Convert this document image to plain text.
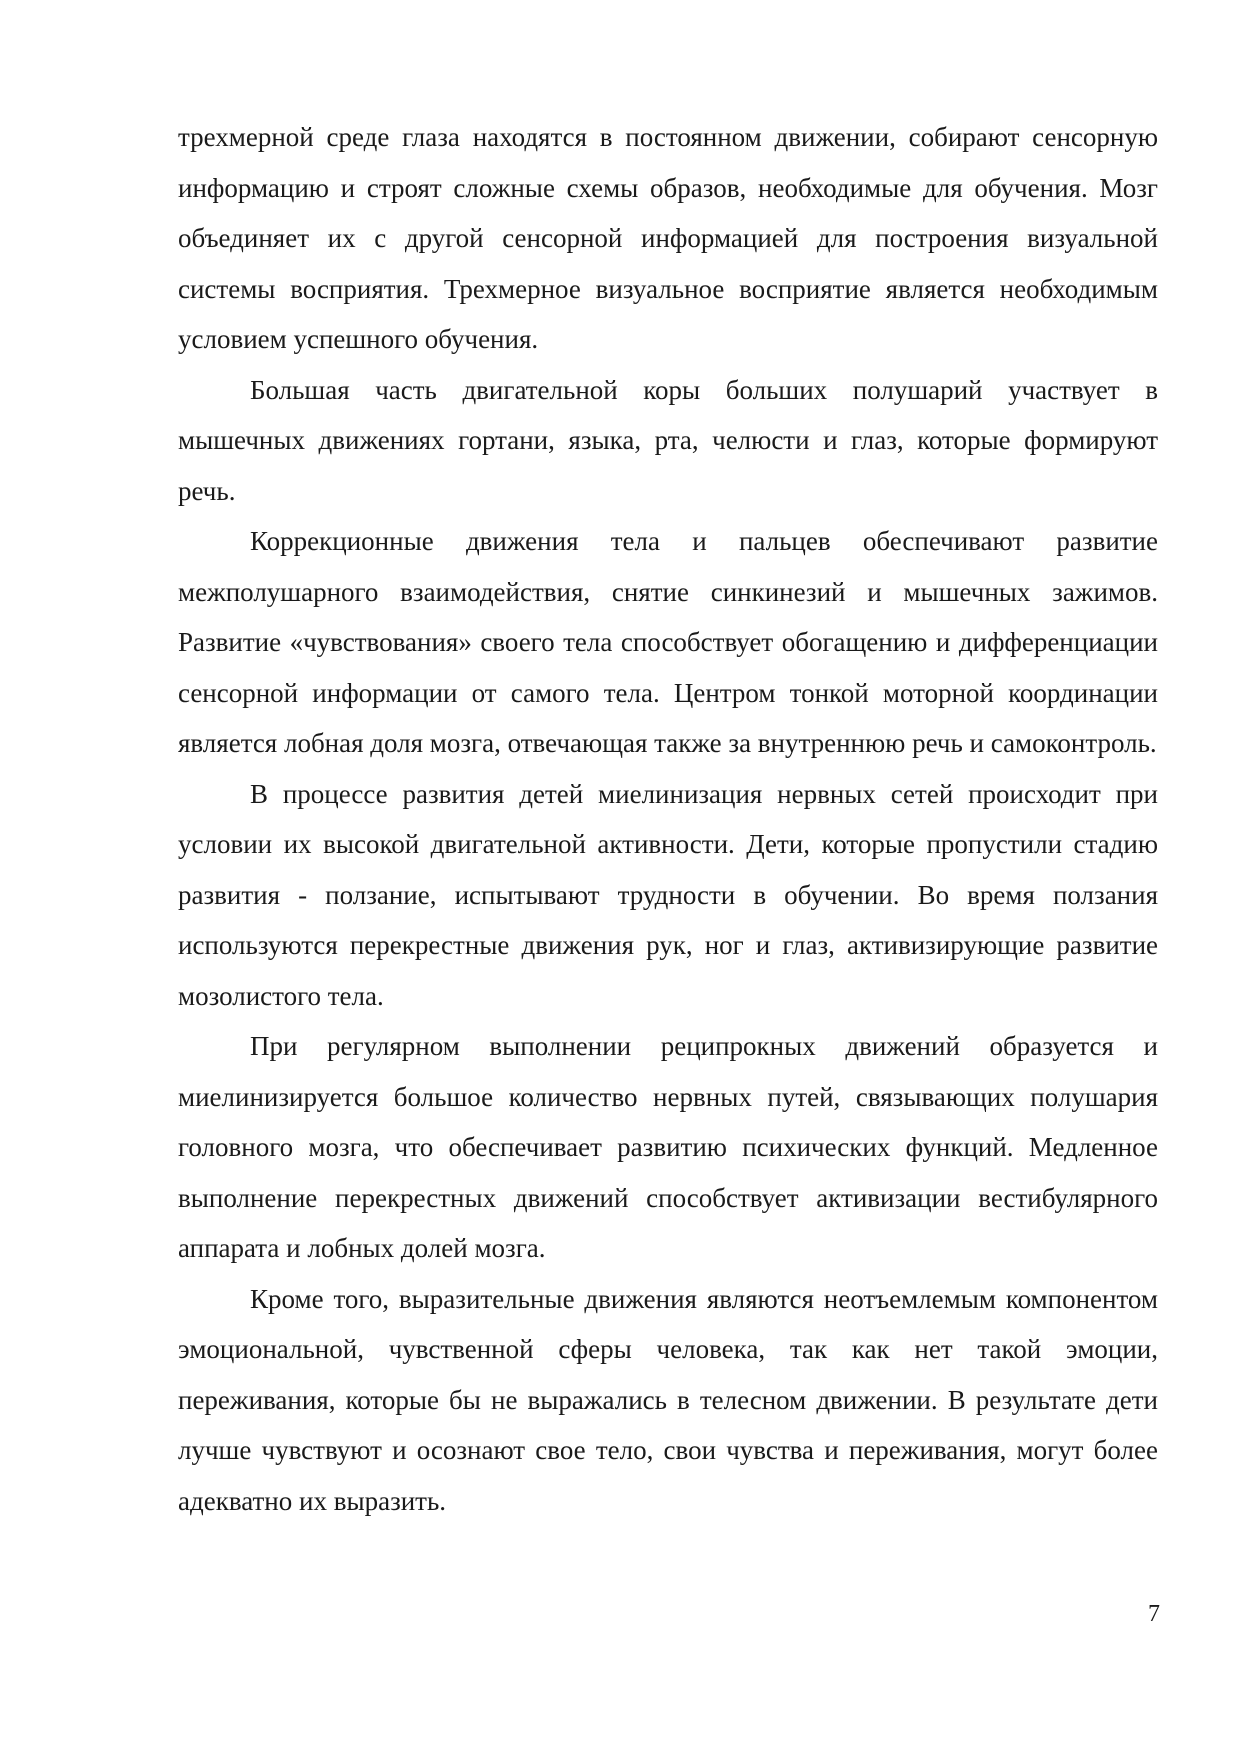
трехмерной среде глаза находятся в постоянном движении, собирают сенсорную информацию и строят сложные схемы образов, необходимые для обучения. Мозг объединяет их с другой сенсорной информацией для построения визуальной системы восприятия. Трехмерное визуальное восприятие является необходимым условием успешного обучения.

Большая часть двигательной коры больших полушарий участвует в мышечных движениях гортани, языка, рта, челюсти и глаз, которые формируют речь.

Коррекционные движения тела и пальцев обеспечивают развитие межполушарного взаимодействия, снятие синкинезий и мышечных зажимов. Развитие «чувствования» своего тела способствует обогащению и дифференциации сенсорной информации от самого тела. Центром тонкой моторной координации является лобная доля мозга, отвечающая также за внутреннюю речь и самоконтроль.

В процессе развития детей миелинизация нервных сетей происходит при условии их высокой двигательной активности. Дети, которые пропустили стадию развития - ползание, испытывают трудности в обучении. Во время ползания используются перекрестные движения рук, ног и глаз, активизирующие развитие мозолистого тела.

При регулярном выполнении реципрокных движений образуется и миелинизируется большое количество нервных путей, связывающих полушария головного мозга, что обеспечивает развитию психических функций. Медленное выполнение перекрестных движений способствует активизации вестибулярного аппарата и лобных долей мозга.

Кроме того, выразительные движения являются неотъемлемым компонентом эмоциональной, чувственной сферы человека, так как нет такой эмоции, переживания, которые бы не выражались в телесном движении. В результате дети лучше чувствуют и осознают свое тело, свои чувства и переживания, могут более адекватно их выразить.

7
